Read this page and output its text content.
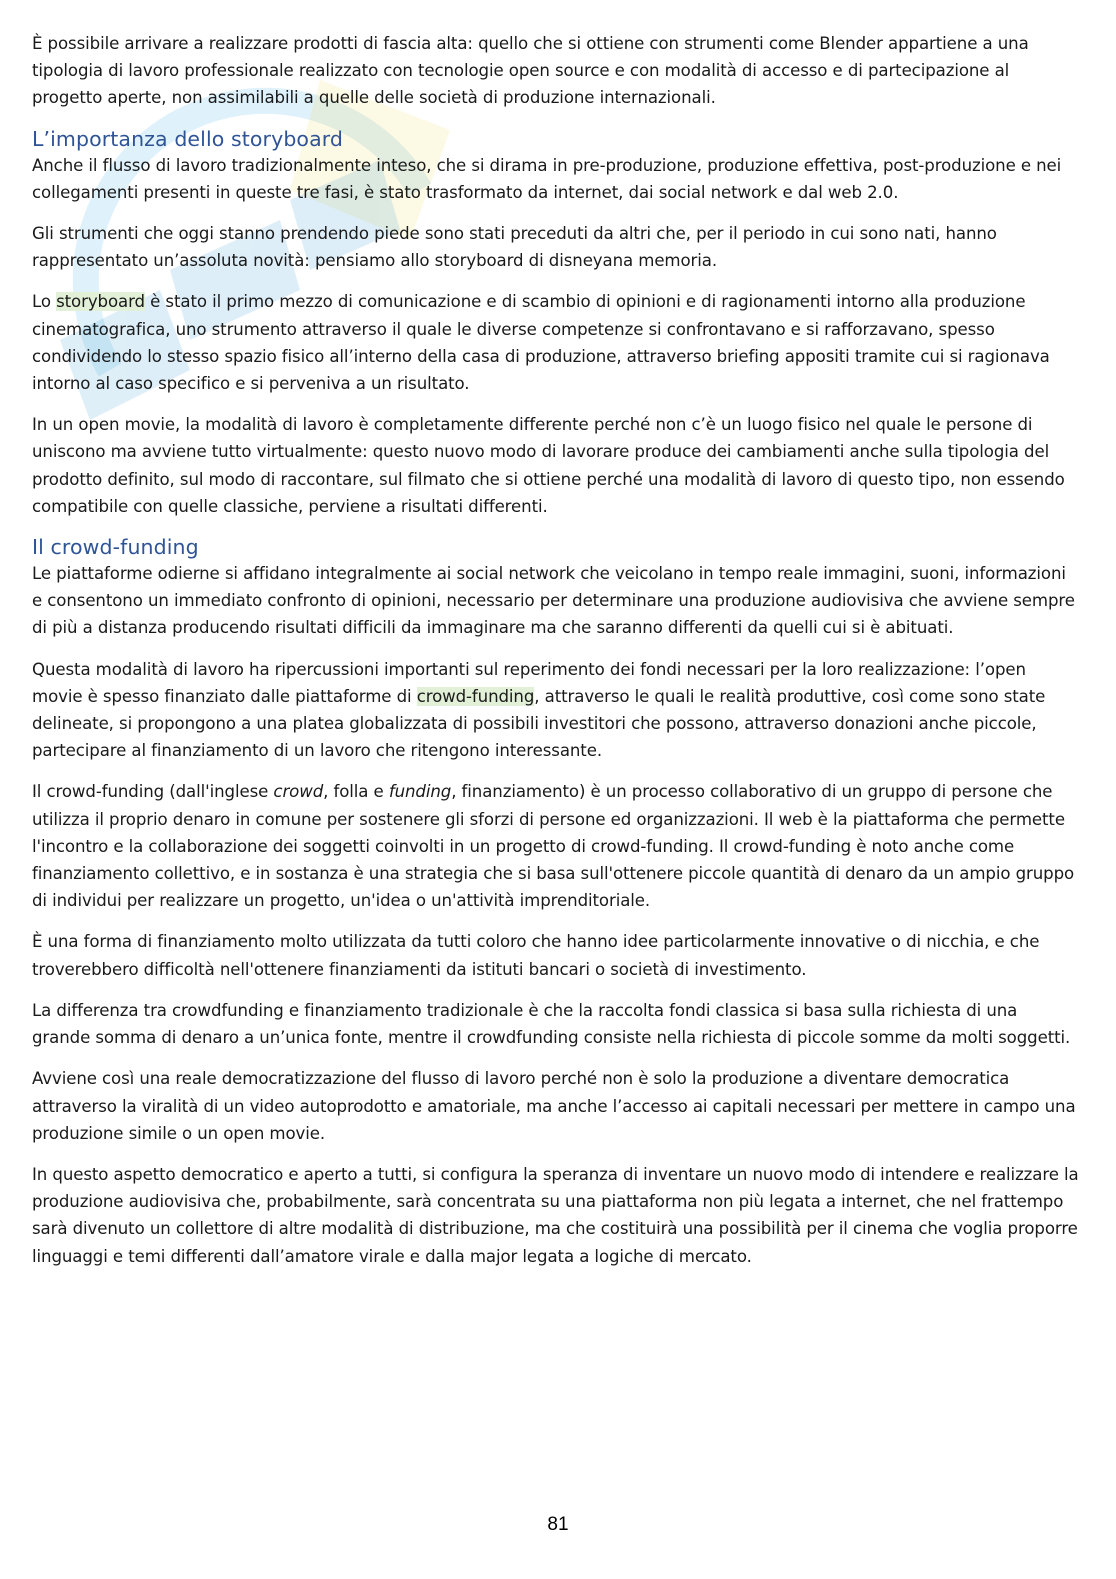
È possibile arrivare a realizzare prodotti di fascia alta: quello che si ottiene con strumenti come Blender appartiene a una tipologia di lavoro professionale realizzato con tecnologie open source e con modalità di accesso e di partecipazione al progetto aperte, non assimilabili a quelle delle società di produzione internazionali.

L’importanza dello storyboard

Anche il flusso di lavoro tradizionalmente inteso, che si dirama in pre-produzione, produzione effettiva, post-produzione e nei collegamenti presenti in queste tre fasi, è stato trasformato da internet, dai social network e dal web 2.0.

Gli strumenti che oggi stanno prendendo piede sono stati preceduti da altri che, per il periodo in cui sono nati, hanno rappresentato un’assoluta novità: pensiamo allo storyboard di disneyana memoria.

Lo storyboard è stato il primo mezzo di comunicazione e di scambio di opinioni e di ragionamenti intorno alla produzione cinematografica, uno strumento attraverso il quale le diverse competenze si confrontavano e si rafforzavano, spesso condividendo lo stesso spazio fisico all’interno della casa di produzione, attraverso briefing appositi tramite cui si ragionava intorno al caso specifico e si perveniva a un risultato.

In un open movie, la modalità di lavoro è completamente differente perché non c’è un luogo fisico nel quale le persone di uniscono ma avviene tutto virtualmente: questo nuovo modo di lavorare produce dei cambiamenti anche sulla tipologia del prodotto definito, sul modo di raccontare, sul filmato che si ottiene perché una modalità di lavoro di questo tipo, non essendo compatibile con quelle classiche, perviene a risultati differenti.

Il crowd-funding

Le piattaforme odierne si affidano integralmente ai social network che veicolano in tempo reale immagini, suoni, informazioni e consentono un immediato confronto di opinioni, necessario per determinare una produzione audiovisiva che avviene sempre di più a distanza producendo risultati difficili da immaginare ma che saranno differenti da quelli cui si è abituati.

Questa modalità di lavoro ha ripercussioni importanti sul reperimento dei fondi necessari per la loro realizzazione: l’open movie è spesso finanziato dalle piattaforme di crowd-funding, attraverso le quali le realità produttive, così come sono state delineate, si propongono a una platea globalizzata di possibili investitori che possono, attraverso donazioni anche piccole, partecipare al finanziamento di un lavoro che ritengono interessante.

Il crowd-funding (dall'inglese crowd, folla e funding, finanziamento) è un processo collaborativo di un gruppo di persone che utilizza il proprio denaro in comune per sostenere gli sforzi di persone ed organizzazioni. Il web è la piattaforma che permette l'incontro e la collaborazione dei soggetti coinvolti in un progetto di crowd-funding. Il crowd-funding è noto anche come finanziamento collettivo, e in sostanza è una strategia che si basa sull'ottenere piccole quantità di denaro da un ampio gruppo di individui per realizzare un progetto, un'idea o un'attività imprenditoriale.

È una forma di finanziamento molto utilizzata da tutti coloro che hanno idee particolarmente innovative o di nicchia, e che troverebbero difficoltà nell'ottenere finanziamenti da istituti bancari o società di investimento.

La differenza tra crowdfunding e finanziamento tradizionale è che la raccolta fondi classica si basa sulla richiesta di una grande somma di denaro a un’unica fonte, mentre il crowdfunding consiste nella richiesta di piccole somme da molti soggetti.

Avviene così una reale democratizzazione del flusso di lavoro perché non è solo la produzione a diventare democratica attraverso la viralità di un video autoprodotto e amatoriale, ma anche l’accesso ai capitali necessari per mettere in campo una produzione simile o un open movie.

In questo aspetto democratico e aperto a tutti, si configura la speranza di inventare un nuovo modo di intendere e realizzare la produzione audiovisiva che, probabilmente, sarà concentrata su una piattaforma non più legata a internet, che nel frattempo sarà divenuto un collettore di altre modalità di distribuzione, ma che costituirà una possibilità per il cinema che voglia proporre linguaggi e temi differenti dall’amatore virale e dalla major legata a logiche di mercato.

81
